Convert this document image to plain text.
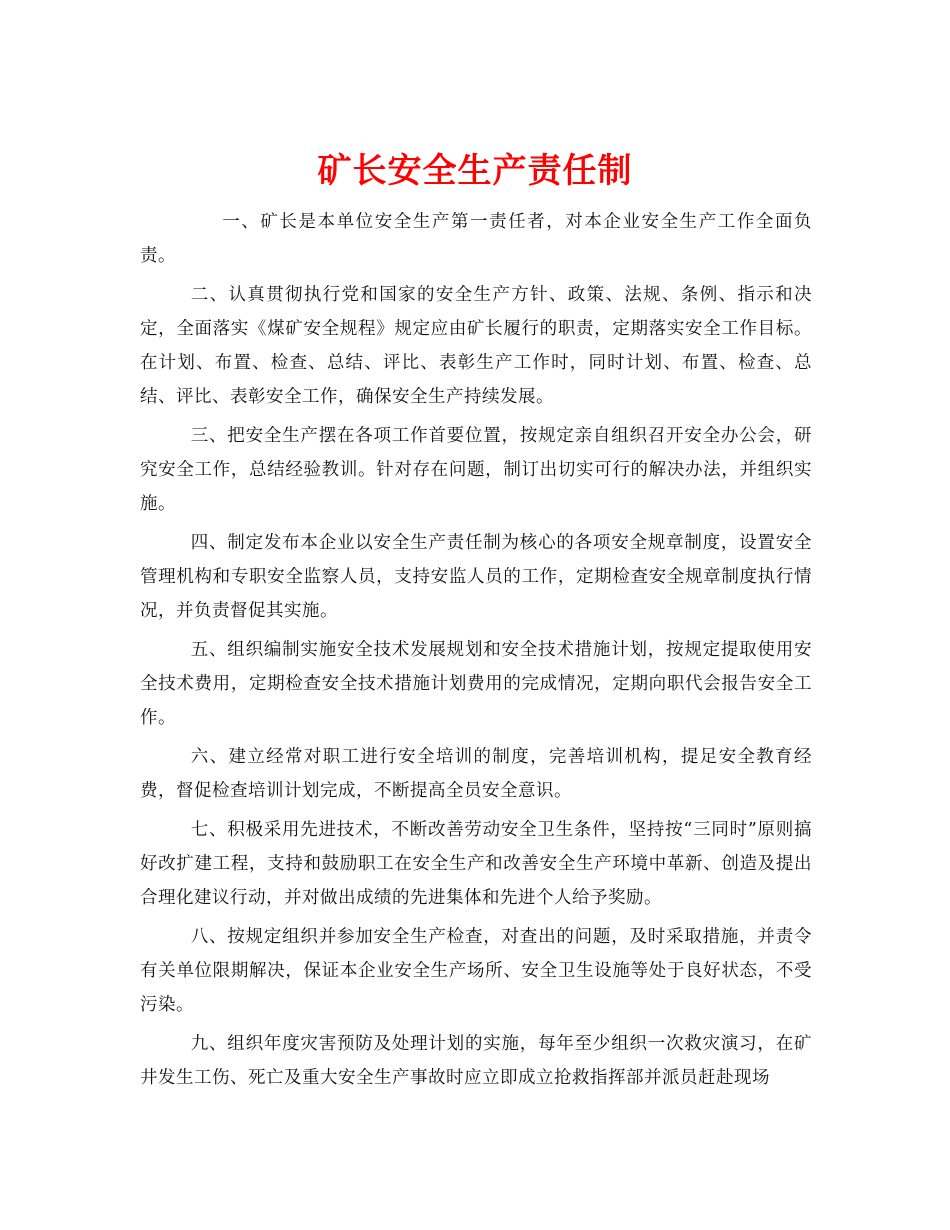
矿长安全生产责任制

一、矿长是本单位安全生产第一责任者，对本企业安全生产工作全面负责。

二、认真贯彻执行党和国家的安全生产方针、政策、法规、条例、指示和决定，全面落实《煤矿安全规程》规定应由矿长履行的职责，定期落实安全工作目标。在计划、布置、检查、总结、评比、表彰生产工作时，同时计划、布置、检查、总结、评比、表彰安全工作，确保安全生产持续发展。

三、把安全生产摆在各项工作首要位置，按规定亲自组织召开安全办公会，研究安全工作，总结经验教训。针对存在问题，制订出切实可行的解决办法，并组织实施。

四、制定发布本企业以安全生产责任制为核心的各项安全规章制度，设置安全管理机构和专职安全监察人员，支持安监人员的工作，定期检查安全规章制度执行情况，并负责督促其实施。

五、组织编制实施安全技术发展规划和安全技术措施计划，按规定提取使用安全技术费用，定期检查安全技术措施计划费用的完成情况，定期向职代会报告安全工作。

六、建立经常对职工进行安全培训的制度，完善培训机构，提足安全教育经费，督促检查培训计划完成，不断提高全员安全意识。

七、积极采用先进技术，不断改善劳动安全卫生条件，坚持按“三同时”原则搞好改扩建工程，支持和鼓励职工在安全生产和改善安全生产环境中革新、创造及提出合理化建议行动，并对做出成绩的先进集体和先进个人给予奖励。

八、按规定组织并参加安全生产检查，对查出的问题，及时采取措施，并责令有关单位限期解决，保证本企业安全生产场所、安全卫生设施等处于良好状态，不受污染。

九、组织年度灾害预防及处理计划的实施，每年至少组织一次救灾演习，在矿井发生工伤、死亡及重大安全生产事故时应立即成立抢救指挥部并派员赶赴现场
